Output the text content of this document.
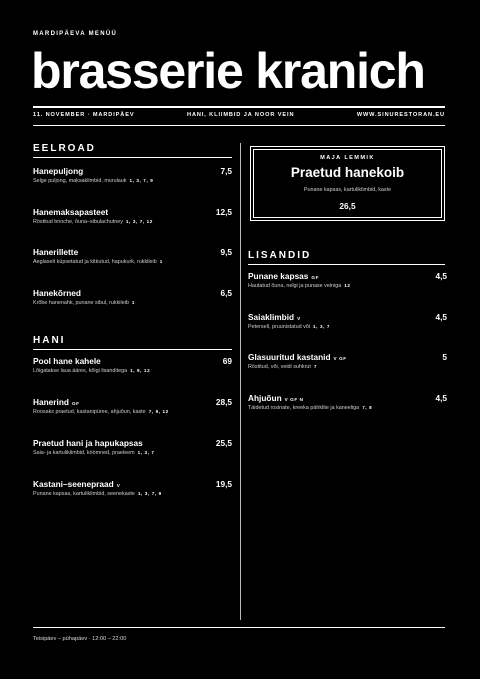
MARDIPÄEVA MENÜÜ
brasserie kranich
11. NOVEMBER · MARDIPÄEV	HANI, KLIIMBID JA NOOR VEIN	WWW.SINURESTORAN.EU
EELROAD
Hanepuljong	7,5
Selge puljong, maksaklimbid, murulauk 1, 3, 7, 9
Hanemaksapasteet	12,5
Röstitud brioche, õuna–sibulachutney 1, 3, 7, 12
Hanerillette	9,5
Aeglaselt küpsetatud ja kitkutud, hapukurk, rukkileib 1
Hanekõrned	6,5
Krõbe hanenahk, punane sibul, rukkileib 1
HANI
Pool hane kahele	69
Lõigatakse laua ääres, kõigi lisanditega 1, 9, 12
Hanerind GF	28,5
Roosaks praetud, kastanipüree, ahjuõun, kaste 7, 9, 12
Praetud hani ja hapukapsas	25,5
Saia- ja kartuliklimbid, köömned, praeleem 1, 3, 7
Kastani–seenepraad V	19,5
Punane kapsas, kartuliklimbid, seenekaste 1, 3, 7, 9
MAJA LEMMIK
Praetud hanekoib
Punane kapsas, kartuliklimbid, kaste
26,5
LISANDID
Punane kapsas GF	4,5
Hautatud õuna, nelgi ja punase veiniga 12
Saiaklimbid V	4,5
Petersell, pruunistatud või 1, 3, 7
Glasuuritud kastanid V GF	5
Röstitud, või, veidi suhkrut 7
Ahjuõun V GF N	4,5
Täidetud rosinate, kreeka pähklite ja kaneeliga 7, 8
Teisipäev – pühapäev · 12:00 – 22:00
